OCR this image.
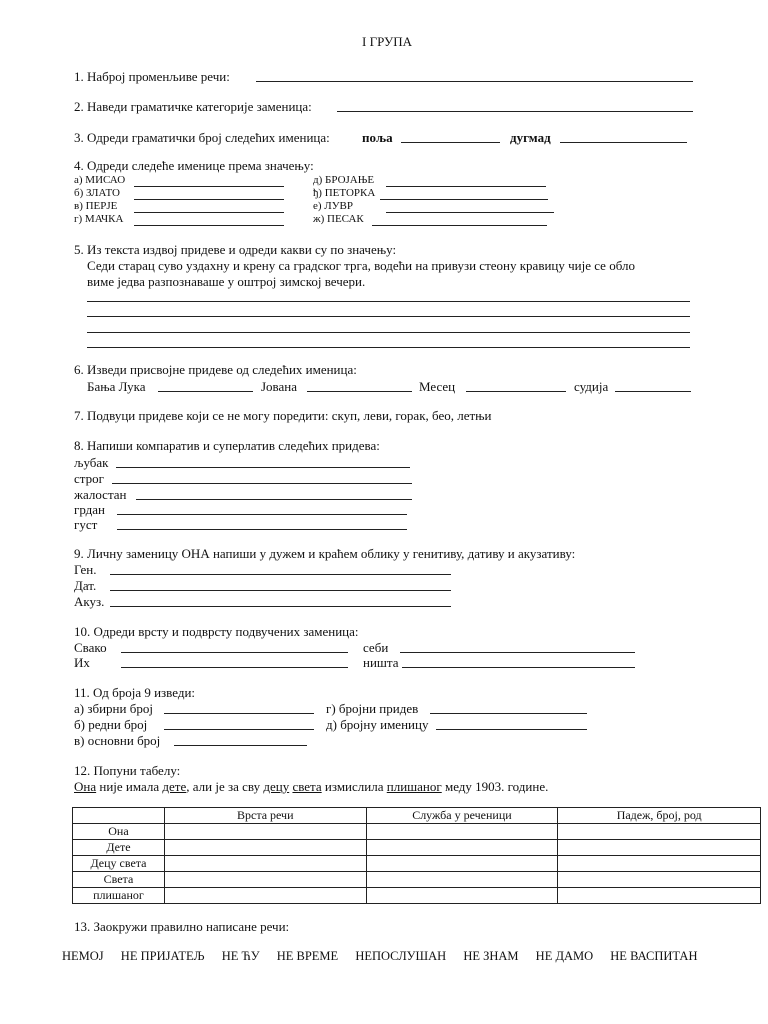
I ГРУПА
1. Наброј променљиве речи:
2. Наведи граматичке категорије заменица:
3. Одреди граматички број следећих именица: поља	дугмад
4. Одреди следеће именице према значењу:
а) МИСАО
б) ЗЛАТО
в) ПЕРЈЕ
г) МАЧКА
д) БРОЈАЊЕ
ђ) ПЕТОРКА
е) ЛУВР
ж) ПЕСАК
5. Из текста издвој придеве и одреди какви су по значењу:
Седи старац суво уздахну и крену са градског трга, водећи на привузи стеону кравицу чије се обло
виме једва разпознаваше у оштрој зимској вечери.
6. Изведи присвојне придеве од следећих именица:
Бања Лука	Јована	Месец	судија
7. Подвуци придеве који се не могу поредити: скуп, леви, горак, бео, летњи
8. Напиши компаратив и суперлатив следећих придева:
љубак
строг
жалостан
грдан
густ
9. Личну заменицу ОНА напиши у дужем и краћем облику у генитиву, дативу и акузативу:
Ген.
Дат.
Акуз.
10. Одреди врсту и подврсту подвучених заменица:
Свако	себи
Их	ништа
11. Од броја 9 изведи:
а) збирни број	г) бројни придев
б) редни број	д) бројну именицу
в) основни број
12. Попуни табелу:
Она није имала дете, али је за сву децу света измислила плишаног меду 1903. године.
	Врста речи	Служба у реченици	Падеж, број, род
Она			
Дете			
Децу света			
Света			
плишаног			
13. Заокружи правилно написане речи:
НЕМОЈ НЕ ПРИЈАТЕЉ НЕ ЋУ НЕ ВРЕМЕ НЕПОСЛУШАН НЕ ЗНАМ НЕ ДАМО НЕ ВАСПИТАН
